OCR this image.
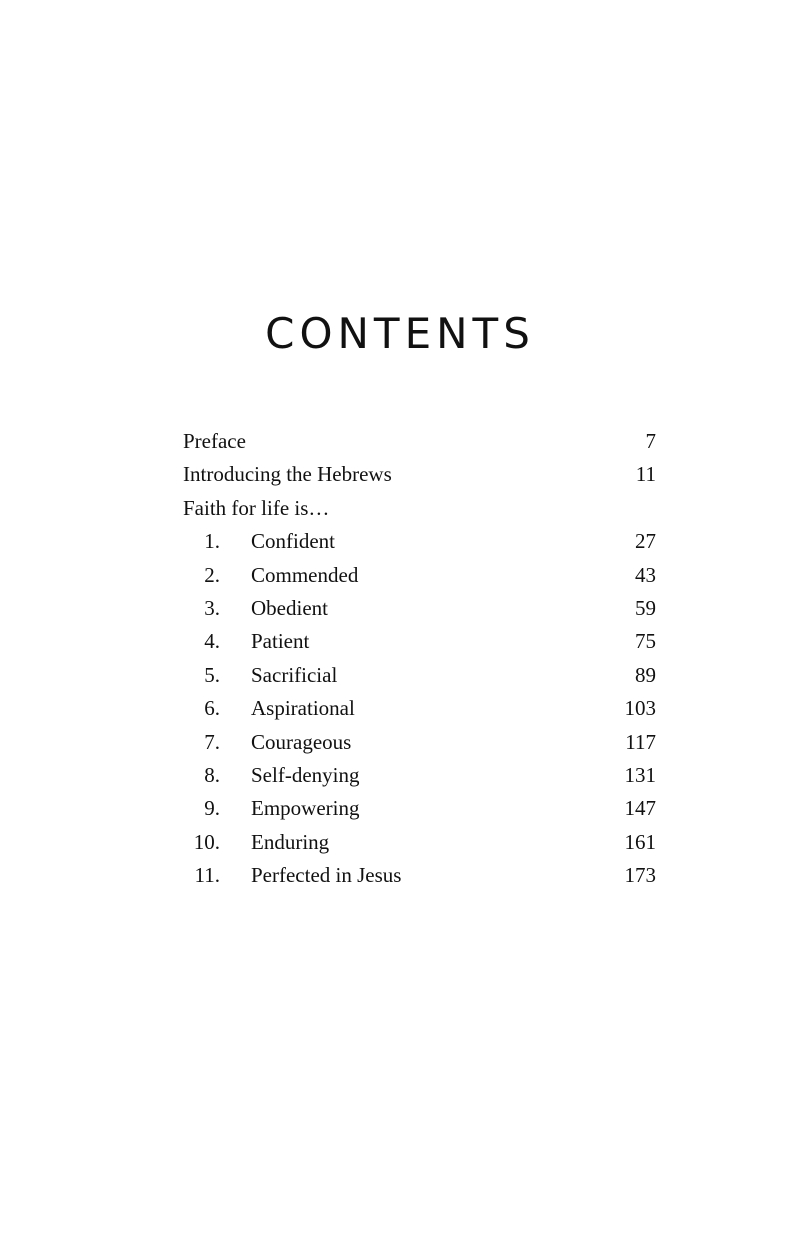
CONTENTS
Preface	7
Introducing the Hebrews	11
Faith for life is…
1. Confident	27
2. Commended	43
3. Obedient	59
4. Patient	75
5. Sacrificial	89
6. Aspirational	103
7. Courageous	117
8. Self-denying	131
9. Empowering	147
10. Enduring	161
11. Perfected in Jesus	173
